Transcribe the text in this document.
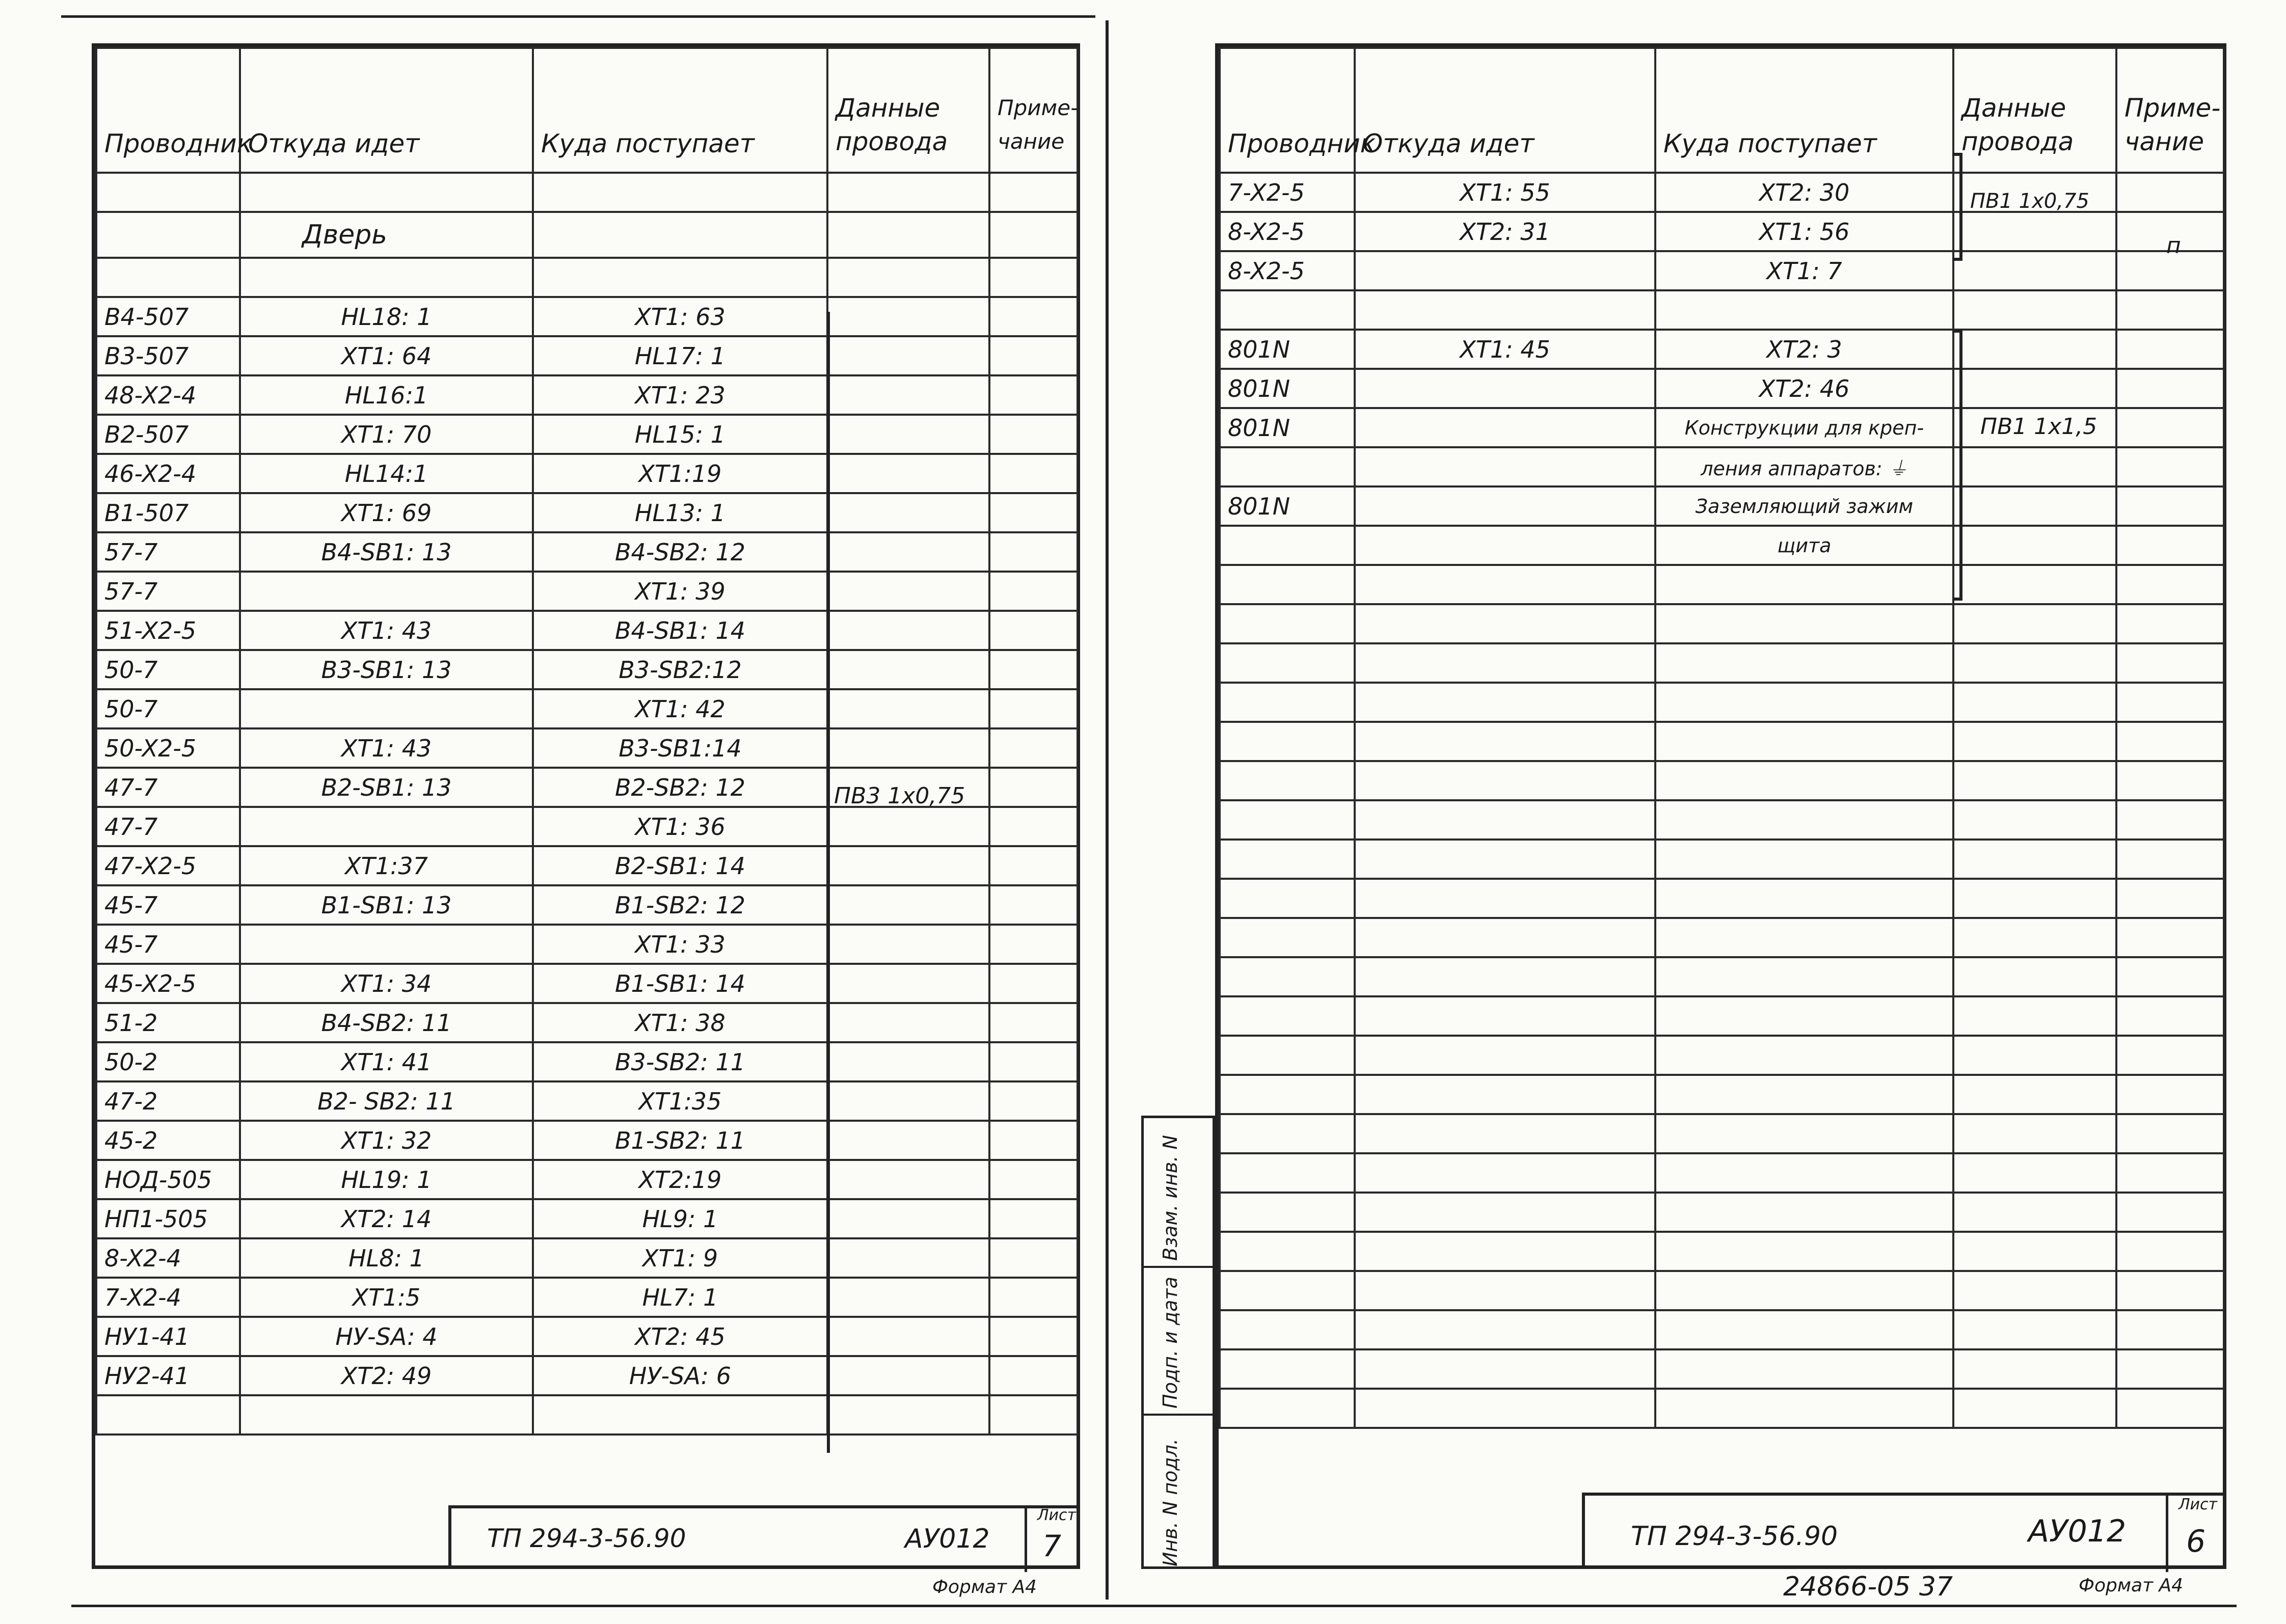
Проводник	Откуда идет	Куда поступает	Данные провода	Приме-чание

	Дверь			

В4-507	HL18: 1	XT1: 63		
В3-507	XT1: 64	HL17: 1		
48-X2-4	HL16:1	XT1: 23		
В2-507	XT1: 70	HL15: 1		
46-X2-4	HL14:1	XT1:19		
В1-507	XT1: 69	HL13: 1		
57-7	В4-SB1: 13	В4-SB2: 12		
57-7		XT1: 39		
51-X2-5	XT1: 43	В4-SB1: 14		
50-7	В3-SB1: 13	В3-SB2:12		
50-7		XT1: 42		
50-X2-5	XT1: 43	В3-SB1:14		
47-7	В2-SB1: 13	В2-SB2: 12		
47-7		XT1: 36		
47-X2-5	XT1:37	В2-SB1: 14		
45-7	В1-SB1: 13	В1-SB2: 12		
45-7		XT1: 33		
45-X2-5	XT1: 34	В1-SB1: 14		
51-2	В4-SB2: 11	XT1: 38		
50-2	XT1: 41	В3-SB2: 11		
47-2	В2- SB2: 11	XT1:35		
45-2	XT1: 32	В1-SB2: 11		
НОД-505	HL19: 1	XT2:19		
НП1-505	XT2: 14	HL9: 1		
8-X2-4	HL8: 1	XT1: 9		
7-X2-4	XT1:5	HL7: 1		
НУ1-41	НУ-SA: 4	XT2: 45		
НУ2-41	XT2: 49	НУ-SA: 6		

ПВ3 1х0,75
ТП 294-3-56.90	АУ012
Лист
7
Формат А4
Инв. N подл.
Подп. и дата
Взам. инв. N
Проводник	Откуда идет	Куда поступает	Данные провода	Приме-чание
7-X2-5	XT1: 55	XT2: 30		
8-X2-5	XT2: 31	XT1: 56		
8-X2-5		XT1: 7		

801N	XT1: 45	XT2: 3		
801N		XT2: 46		
801N		Конструкции для креп-		
		ления аппаратов: ⏚		
801N		Заземляющий зажим		
		щита		

ПВ1 1х0,75
п
ПВ1 1х1,5
ТП 294-3-56.90	АУ012
Лист
6
24866-05 37	Формат А4
